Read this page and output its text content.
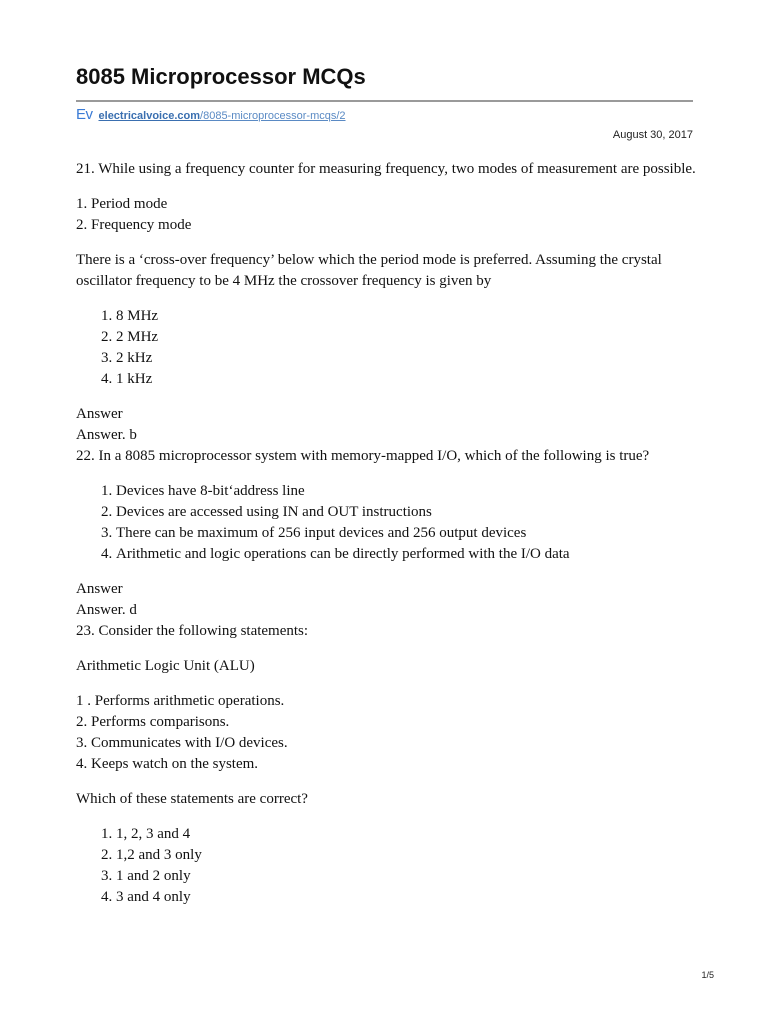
8085 Microprocessor MCQs
Ev electricalvoice.com/8085-microprocessor-mcqs/2
August 30, 2017

21. While using a frequency counter for measuring frequency, two modes of measurement are possible.

1. Period mode

2. Frequency mode

There is a ‘cross-over frequency’ below which the period mode is preferred. Assuming the crystal oscillator frequency to be 4 MHz the crossover frequency is given by

1. 8 MHz
2. 2 MHz
3. 2 kHz
4. 1 kHz

Answer

Answer. b

22. In a 8085 microprocessor system with memory-mapped I/O, which of the following is true?

1. Devices have 8-bit‘address line
2. Devices are accessed using IN and OUT instructions
3. There can be maximum of 256 input devices and 256 output devices
4. Arithmetic and logic operations can be directly performed with the I/O data

Answer

Answer. d

23. Consider the following statements:

Arithmetic Logic Unit (ALU)

1 . Performs arithmetic operations.

2. Performs comparisons.

3. Communicates with I/O devices.

4. Keeps watch on the system.

Which of these statements are correct?

1. 1, 2, 3 and 4
2. 1,2 and 3 only
3. 1 and 2 only
4. 3 and 4 only
1/5
